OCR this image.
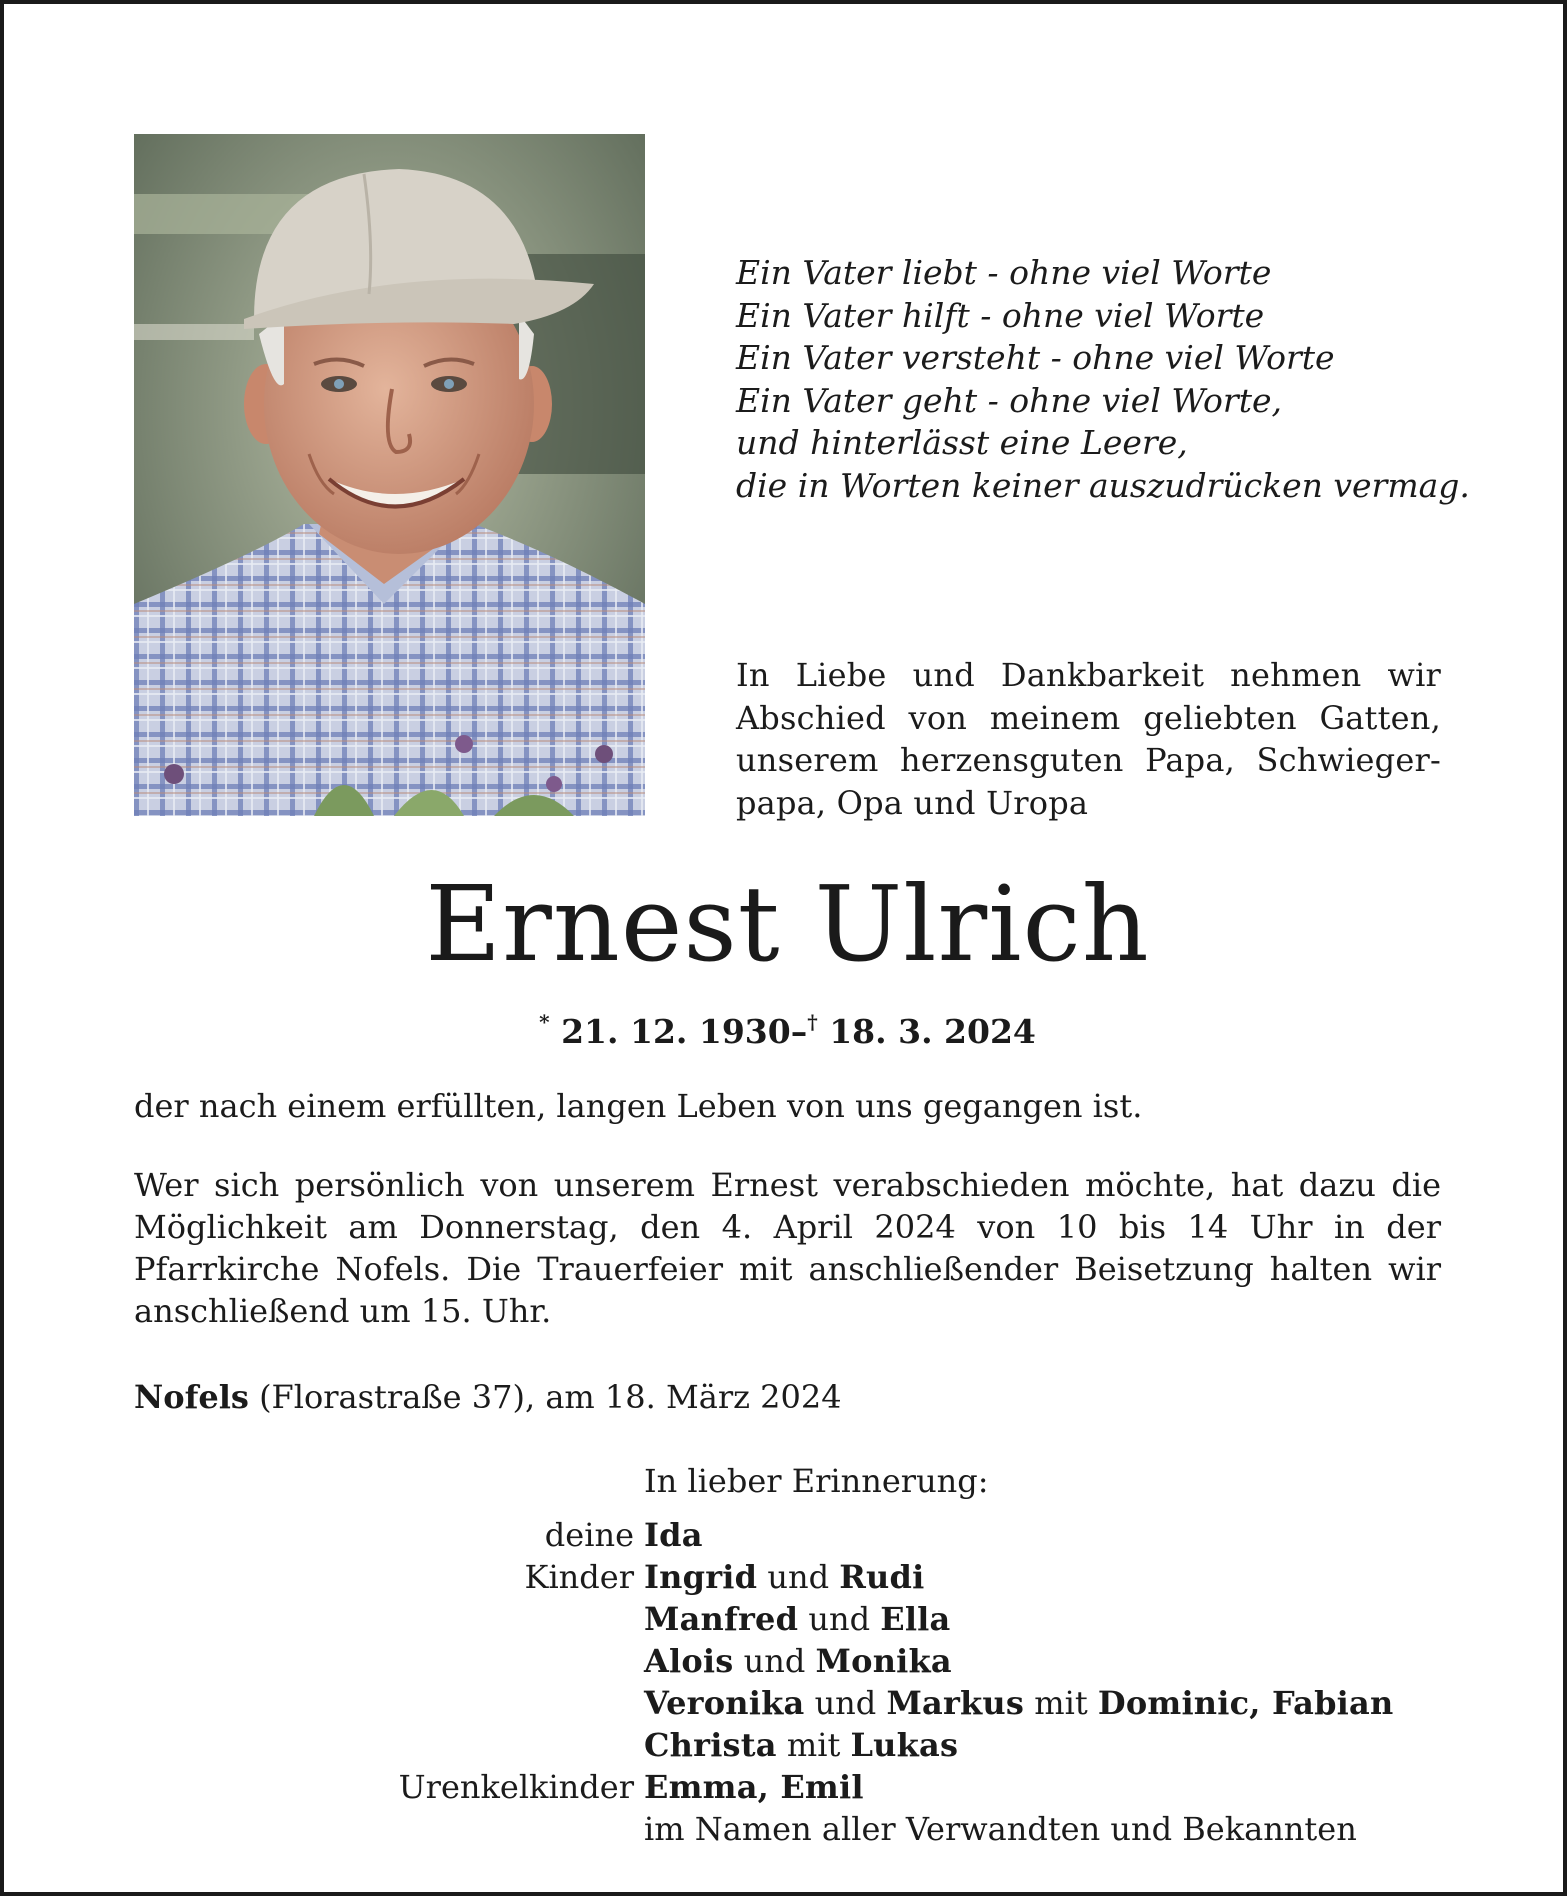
Ein Vater liebt - ohne viel Worte
Ein Vater hilft - ohne viel Worte
Ein Vater versteht - ohne viel Worte
Ein Vater geht - ohne viel Worte,
und hinterlässt eine Leere,
die in Worten keiner auszudrücken vermag.
In Liebe und Dankbarkeit nehmen wir Abschied von meinem geliebten Gatten, unserem herzensguten Papa, Schwieger-papa, Opa und Uropa
Ernest Ulrich
* 21. 12. 1930–† 18. 3. 2024
der nach einem erfüllten, langen Leben von uns gegangen ist.
Wer sich persönlich von unserem Ernest verabschieden möchte, hat dazu die Möglichkeit am Donnerstag, den 4. April 2024 von 10 bis 14 Uhr in der Pfarrkirche Nofels. Die Trauerfeier mit anschließender Beisetzung halten wir anschließend um 15. Uhr.
Nofels (Florastraße 37), am 18. März 2024
In lieber Erinnerung:
deine Ida
Kinder Ingrid und Rudi
Manfred und Ella
Alois und Monika
Veronika und Markus mit Dominic, Fabian
Christa mit Lukas
Urenkelkinder Emma, Emil
im Namen aller Verwandten und Bekannten
